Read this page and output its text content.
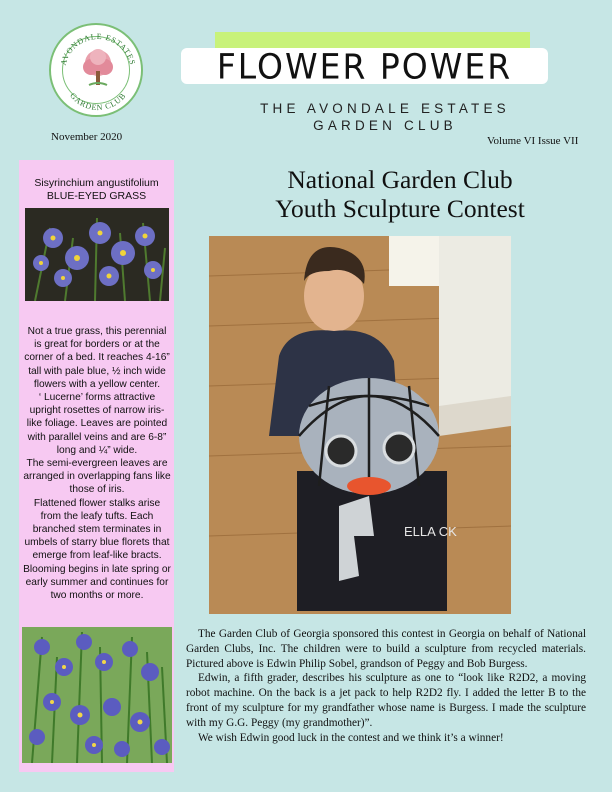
AVONDALE ESTATES
GARDEN CLUB
FLOWER POWER
THE AVONDALE ESTATES
GARDEN CLUB
November 2020	Volume VI Issue VII
Sisyrinchium angustifolium
BLUE-EYED GRASS

Not a true grass, this perennial is great for borders or at the corner of a bed. It reaches 4-16” tall with pale blue, ½ inch wide flowers with a yellow center.

‘ Lucerne’ forms attractive upright rosettes of narrow iris-like foliage. Leaves are pointed with parallel veins and are 6-8” long and ¼” wide.

The semi-evergreen leaves are arranged in overlapping fans like those of iris.

Flattened flower stalks arise from the leafy tufts. Each branched stem terminates in umbels of starry blue florets that emerge from leaf-like bracts. Blooming begins in late spring or early summer and continues for two months or more.

National Garden Club
Youth Sculpture Contest
ELLA CK

The Garden Club of Georgia sponsored this contest in Georgia on behalf of National Garden Clubs, Inc. The children were to build a sculpture from recycled materials. Pictured above is Edwin Philip Sobel, grandson of Peggy and Bob Burgess.

Edwin, a fifth grader, describes his sculpture as one to “look like R2D2, a moving robot machine. On the back is a jet pack to help R2D2 fly. I added the letter B to the front of my sculpture for my grandfather whose name is Burgess. I made the sculpture with my G.G. Peggy (my grandmother)”.

We wish Edwin good luck in the contest and we think it’s a winner!
